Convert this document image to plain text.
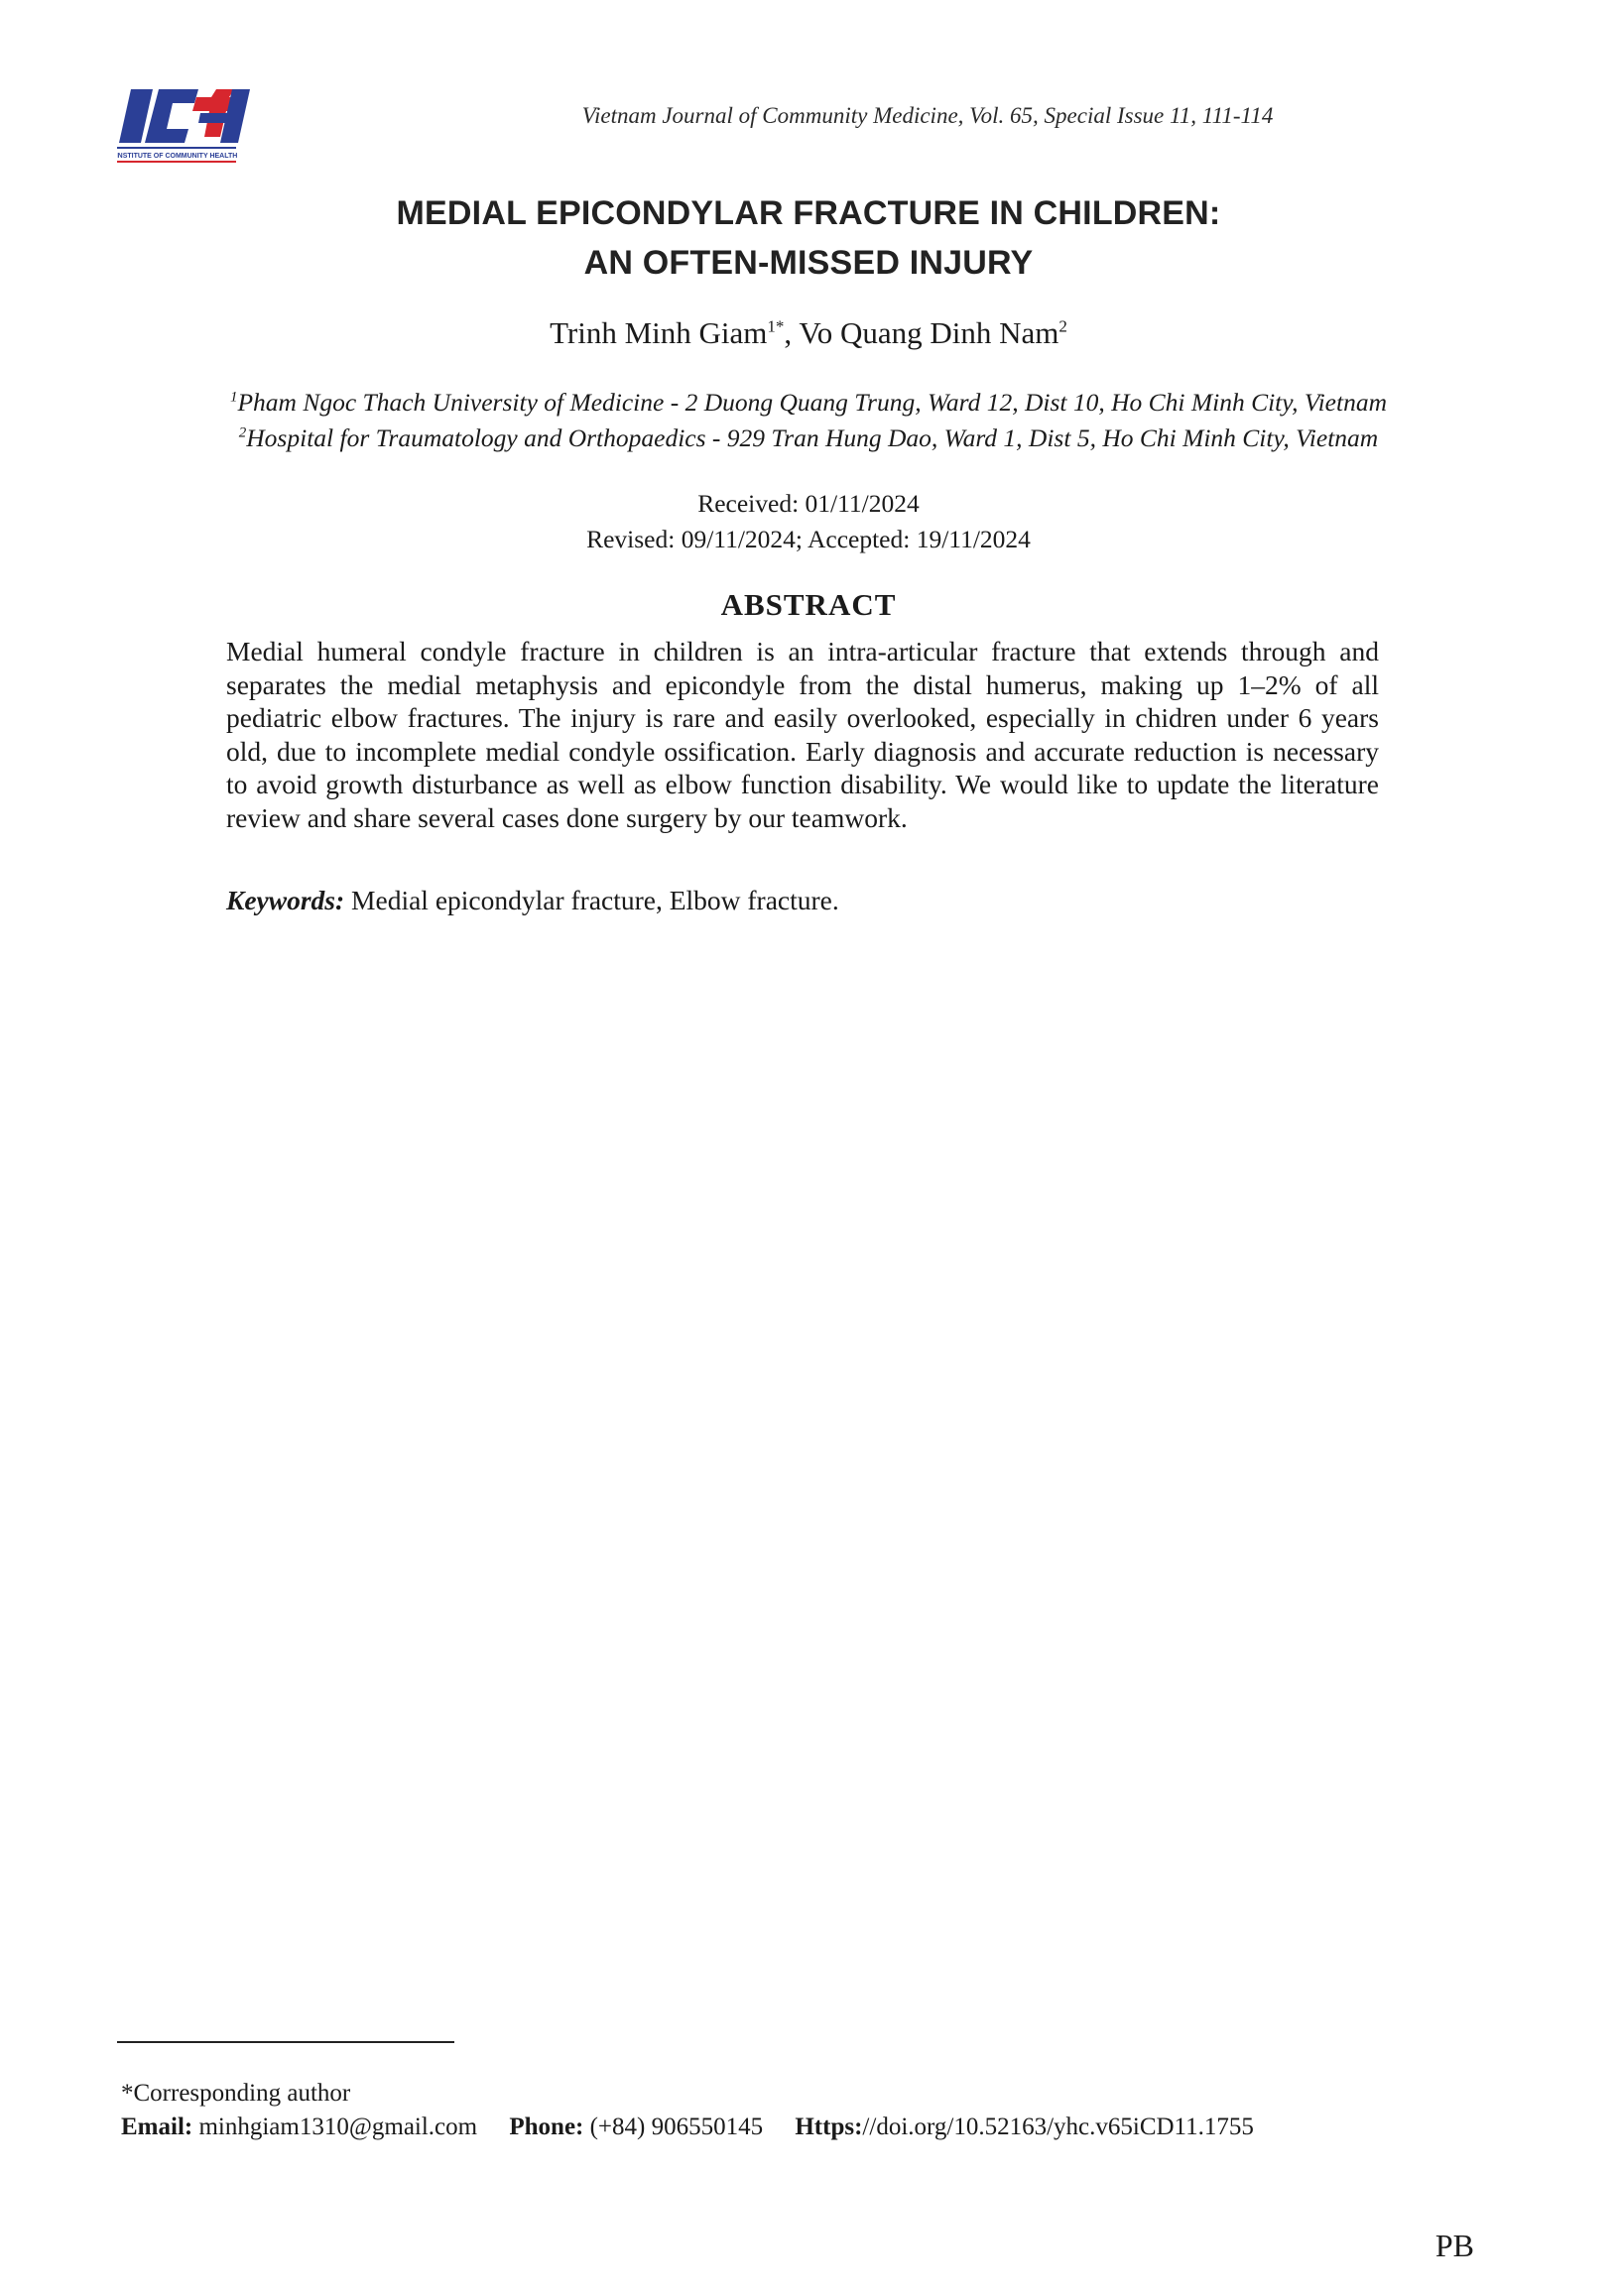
INSTITUTE OF COMMUNITY HEALTH
Vietnam Journal of Community Medicine, Vol. 65, Special Issue 11, 111-114
MEDIAL EPICONDYLAR FRACTURE IN CHILDREN:
AN OFTEN-MISSED INJURY
Trinh Minh Giam$^{1*}$, Vo Quang Dinh Nam$^2$
$^1$Pham Ngoc Thach University of Medicine - 2 Duong Quang Trung, Ward 12, Dist 10, Ho Chi Minh City, Vietnam
$^2$Hospital for Traumatology and Orthopaedics - 929 Tran Hung Dao, Ward 1, Dist 5, Ho Chi Minh City, Vietnam
Received: 01/11/2024
Revised: 09/11/2024; Accepted: 19/11/2024
ABSTRACT
Medial humeral condyle fracture in children is an intra-articular fracture that extends through and separates the medial metaphysis and epicondyle from the distal humerus, making up 1–2% of all pediatric elbow fractures. The injury is rare and easily overlooked, especially in chidren under 6 years old, due to incomplete medial condyle ossification. Early diagnosis and accurate reduction is necessary to avoid growth disturbance as well as elbow function disability. We would like to update the literature review and share several cases done surgery by our teamwork.
Keywords: Medial epicondylar fracture, Elbow fracture.
*Corresponding author
Email: minhgiam1310@gmail.com Phone: (+84) 906550145 Https://doi.org/10.52163/yhc.v65iCD11.1755
PB
